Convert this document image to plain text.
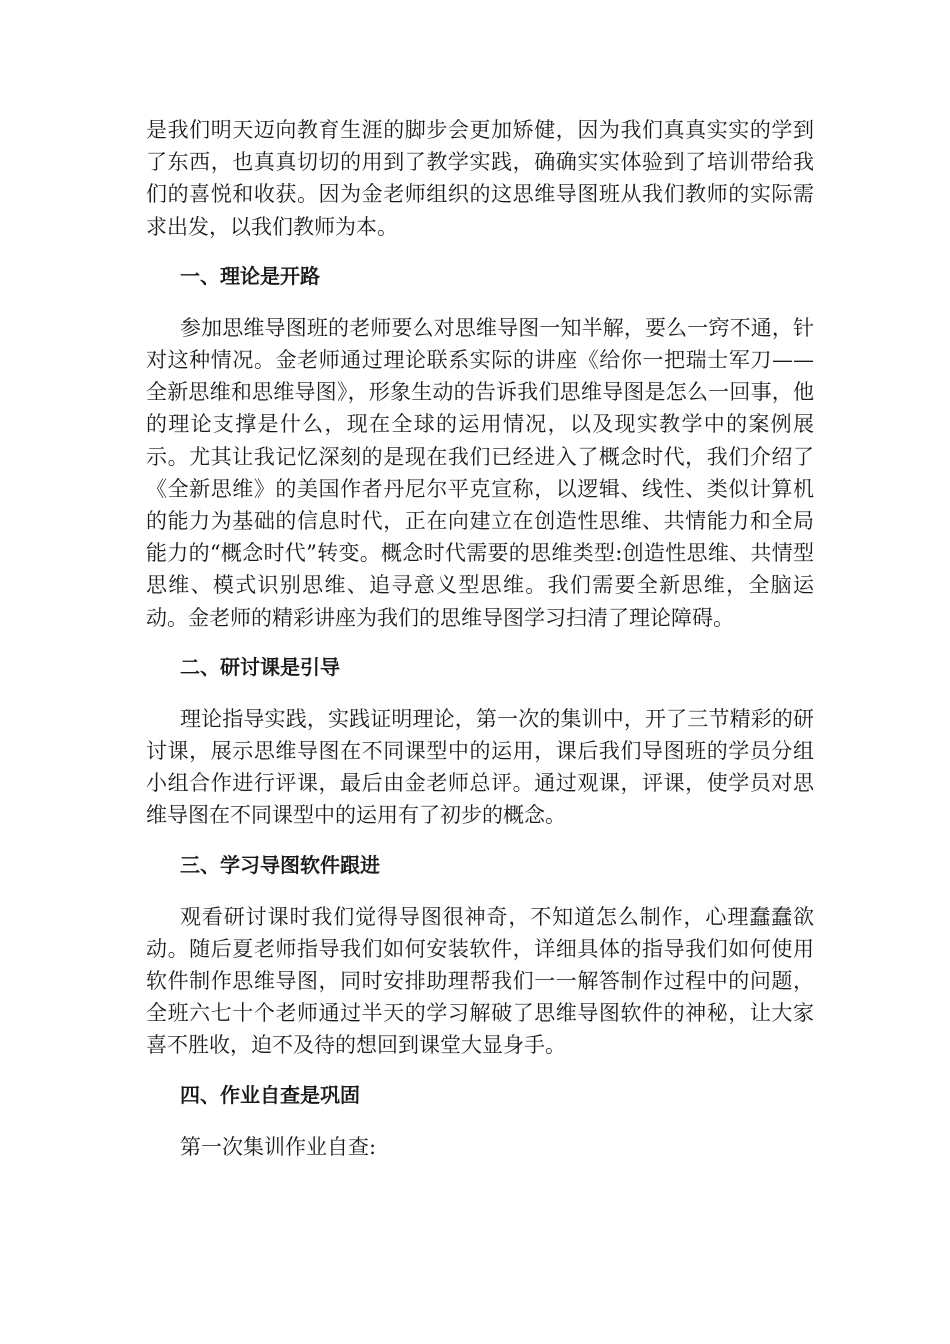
是我们明天迈向教育生涯的脚步会更加矫健，因为我们真真实实的学到了东西，也真真切切的用到了教学实践，确确实实体验到了培训带给我们的喜悦和收获。因为金老师组织的这思维导图班从我们教师的实际需求出发，以我们教师为本。

一、理论是开路

参加思维导图班的老师要么对思维导图一知半解，要么一窍不通，针对这种情况。金老师通过理论联系实际的讲座《给你一把瑞士军刀——全新思维和思维导图》，形象生动的告诉我们思维导图是怎么一回事，他的理论支撑是什么，现在全球的运用情况，以及现实教学中的案例展示。尤其让我记忆深刻的是现在我们已经进入了概念时代，我们介绍了《全新思维》的美国作者丹尼尔平克宣称，以逻辑、线性、类似计算机的能力为基础的信息时代，正在向建立在创造性思维、共情能力和全局能力的“概念时代”转变。概念时代需要的思维类型:创造性思维、共情型思维、模式识别思维、追寻意义型思维。我们需要全新思维，全脑运动。金老师的精彩讲座为我们的思维导图学习扫清了理论障碍。

二、研讨课是引导

理论指导实践，实践证明理论，第一次的集训中，开了三节精彩的研讨课，展示思维导图在不同课型中的运用，课后我们导图班的学员分组小组合作进行评课，最后由金老师总评。通过观课，评课，使学员对思维导图在不同课型中的运用有了初步的概念。

三、学习导图软件跟进

观看研讨课时我们觉得导图很神奇，不知道怎么制作，心理蠢蠢欲动。随后夏老师指导我们如何安装软件，详细具体的指导我们如何使用软件制作思维导图，同时安排助理帮我们一一解答制作过程中的问题，全班六七十个老师通过半天的学习解破了思维导图软件的神秘，让大家喜不胜收，迫不及待的想回到课堂大显身手。

四、作业自查是巩固

第一次集训作业自查:
